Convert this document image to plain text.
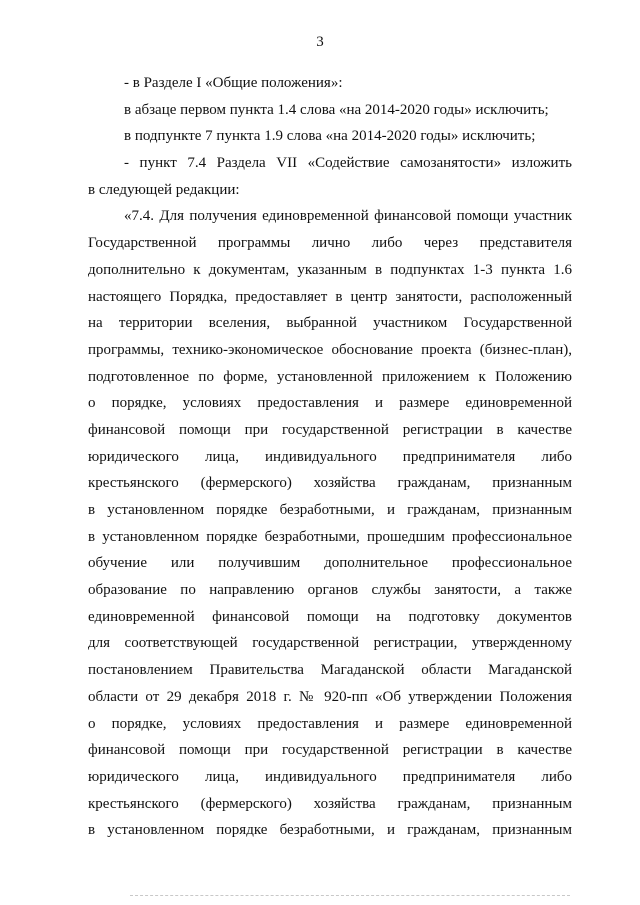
3
- в Разделе I «Общие положения»:
в абзаце первом пункта 1.4 слова «на 2014-2020 годы» исключить;
в подпункте 7 пункта 1.9 слова «на 2014-2020 годы» исключить;
- пункт 7.4 Раздела VII «Содействие самозанятости» изложить
в следующей редакции:
«7.4. Для получения единовременной финансовой помощи участник
Государственной программы лично либо через представителя
дополнительно к документам, указанным в подпунктах 1-3 пункта 1.6
настоящего Порядка, предоставляет в центр занятости, расположенный
на территории вселения, выбранной участником Государственной
программы, технико-экономическое обоснование проекта (бизнес-план),
подготовленное по форме, установленной приложением к Положению
о порядке, условиях предоставления и размере единовременной
финансовой помощи при государственной регистрации в качестве
юридического лица, индивидуального предпринимателя либо
крестьянского (фермерского) хозяйства гражданам, признанным
в установленном порядке безработными, и гражданам, признанным
в установленном порядке безработными, прошедшим профессиональное
обучение или получившим дополнительное профессиональное
образование по направлению органов службы занятости, а также
единовременной финансовой помощи на подготовку документов
для соответствующей государственной регистрации, утвержденному
постановлением Правительства Магаданской области Магаданской
области от 29 декабря 2018 г. № 920-пп «Об утверждении Положения
о порядке, условиях предоставления и размере единовременной
финансовой помощи при государственной регистрации в качестве
юридического лица, индивидуального предпринимателя либо
крестьянского (фермерского) хозяйства гражданам, признанным
в установленном порядке безработными, и гражданам, признанным
